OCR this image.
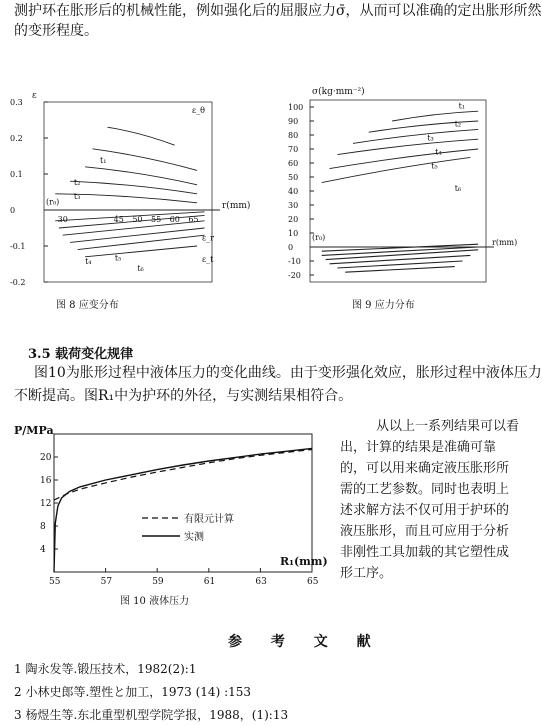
测护环在胀形后的机械性能，例如强化后的屈服应力σ̄，从而可以准确的定出胀形所然
的变形程度。
0.3
0.2
0.1
0
-0.1
-0.2
30	45 50 55 60 65
r(mm)
ε
ε_θ
(r₀)
ε_r
ε_t
t₁
t₂
t₃
t₄	t₅
t₆
图 8 应变分布
100
90
80
70
60
50
40
30
20
10
0
-10
-20
σ(kg·mm⁻²)
r(mm)
(r₀)
t₁
t₂
t₃
t₄
t₅
t₆
图 9 应力分布
3.5 载荷变化规律
图10为胀形过程中液体压力的变化曲线。由于变形强化效应，胀形过程中液体压力
不断提高。图R₁中为护环的外径，与实测结果相符合。
20
16
12
8
4
55	57	59	61	63	65
P/MPa
R₁(mm)
有限元计算
实测
图 10 液体压力
从以上一系列结果可以看
出，计算的结果是准确可靠
的，可以用来确定液压胀形所
需的工艺参数。同时也表明上
述求解方法不仅可用于护环的
液压胀形，而且可应用于分析
非刚性工具加载的其它塑性成
形工序。
参 考 文 献
1 陶永发等.锻压技术，1982(2):1
2 小林史郎等.塑性と加工，1973 (14) :153
3 杨煜生等.东北重型机型学院学报，1988，(1):13
